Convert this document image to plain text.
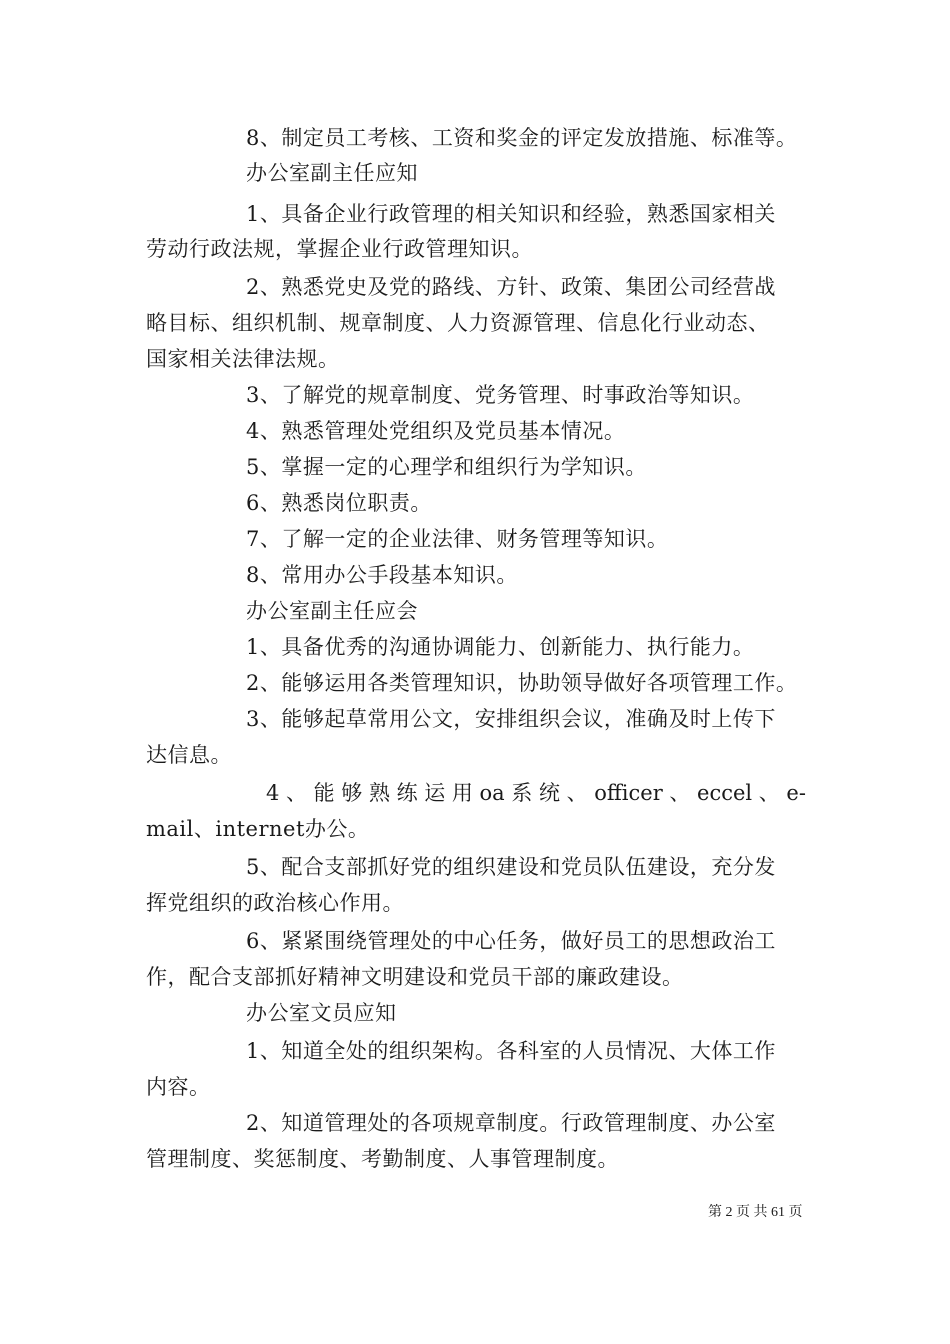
8、制定员工考核、工资和奖金的评定发放措施、标准等。
办公室副主任应知
1、具备企业行政管理的相关知识和经验，熟悉国家相关
劳动行政法规，掌握企业行政管理知识。
2、熟悉党史及党的路线、方针、政策、集团公司经营战
略目标、组织机制、规章制度、人力资源管理、信息化行业动态、
国家相关法律法规。
3、了解党的规章制度、党务管理、时事政治等知识。
4、熟悉管理处党组织及党员基本情况。
5、掌握一定的心理学和组织行为学知识。
6、熟悉岗位职责。
7、了解一定的企业法律、财务管理等知识。
8、常用办公手段基本知识。
办公室副主任应会
1、具备优秀的沟通协调能力、创新能力、执行能力。
2、能够运用各类管理知识，协助领导做好各项管理工作。
3、能够起草常用公文，安排组织会议，准确及时上传下
达信息。
4 、 能 够 熟 练 运 用 oa 系 统 、 officer 、 eccel 、 e-
mail、internet办公。
5、配合支部抓好党的组织建设和党员队伍建设，充分发
挥党组织的政治核心作用。
6、紧紧围绕管理处的中心任务，做好员工的思想政治工
作，配合支部抓好精神文明建设和党员干部的廉政建设。
办公室文员应知
1、知道全处的组织架构。各科室的人员情况、大体工作
内容。
2、知道管理处的各项规章制度。行政管理制度、办公室
管理制度、奖惩制度、考勤制度、人事管理制度。
第 2 页 共 61 页
